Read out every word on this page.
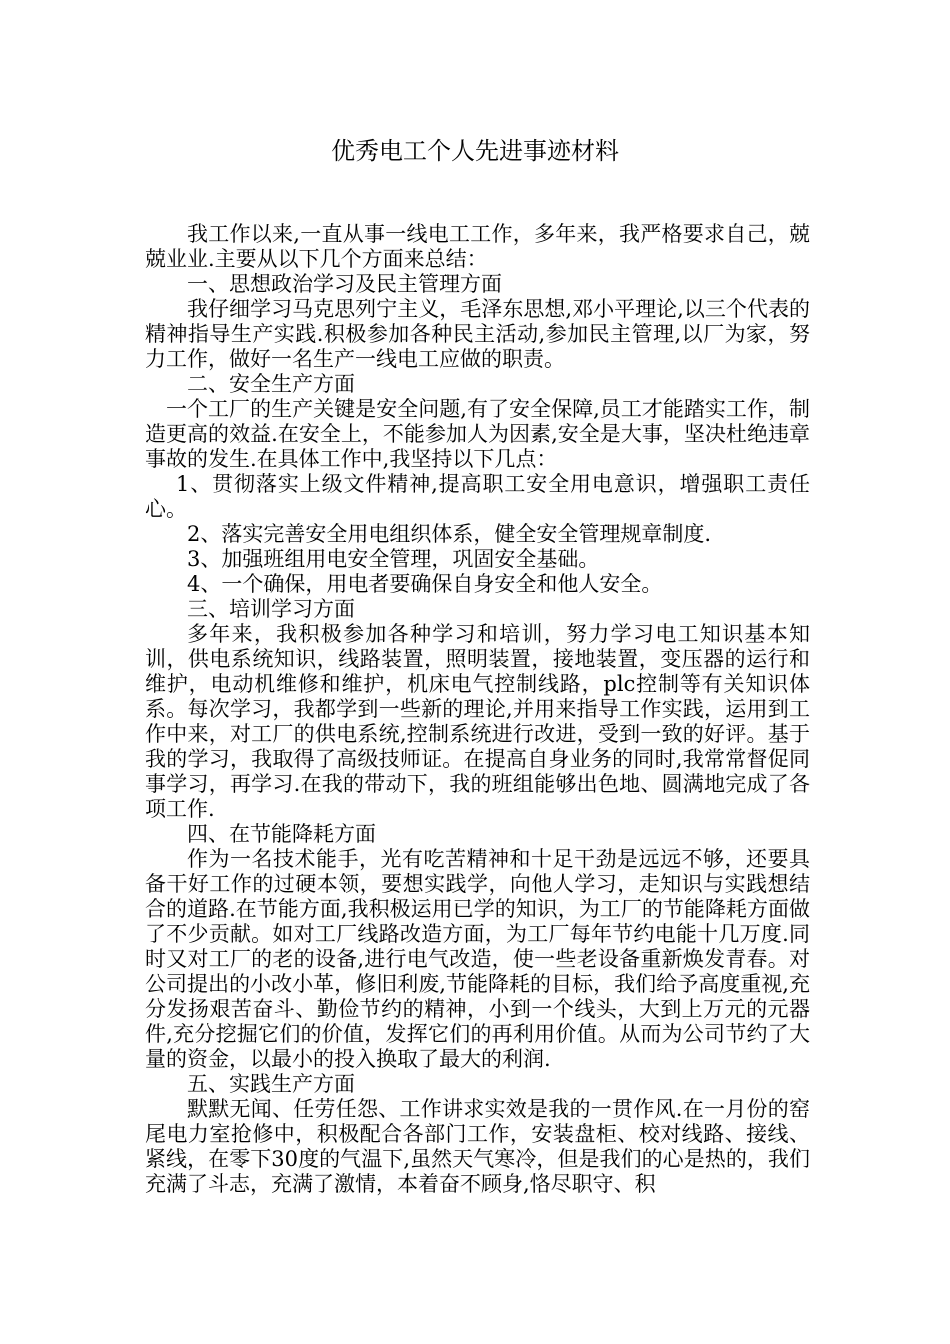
优秀电工个人先进事迹材料

我工作以来,一直从事一线电工工作，多年来，我严格要求自己，兢兢业业.主要从以下几个方面来总结：

一、思想政治学习及民主管理方面

我仔细学习马克思列宁主义，毛泽东思想,邓小平理论,以三个代表的精神指导生产实践.积极参加各种民主活动,参加民主管理,以厂为家，努力工作，做好一名生产一线电工应做的职责。

二、安全生产方面

一个工厂的生产关键是安全问题,有了安全保障,员工才能踏实工作，制造更高的效益.在安全上，不能参加人为因素,安全是大事，坚决杜绝违章事故的发生.在具体工作中,我坚持以下几点：

1、贯彻落实上级文件精神,提高职工安全用电意识，增强职工责任心。

2、落实完善安全用电组织体系，健全安全管理规章制度.

3、加强班组用电安全管理，巩固安全基础。

4、一个确保，用电者要确保自身安全和他人安全。

三、培训学习方面

多年来，我积极参加各种学习和培训，努力学习电工知识基本知训，供电系统知识，线路装置，照明装置，接地装置，变压器的运行和维护，电动机维修和维护，机床电气控制线路，plc控制等有关知识体系。每次学习，我都学到一些新的理论,并用来指导工作实践，运用到工作中来，对工厂的供电系统,控制系统进行改进，受到一致的好评。基于我的学习，我取得了高级技师证。在提高自身业务的同时,我常常督促同事学习，再学习.在我的带动下，我的班组能够出色地、圆满地完成了各项工作.

四、在节能降耗方面

作为一名技术能手，光有吃苦精神和十足干劲是远远不够，还要具备干好工作的过硬本领，要想实践学，向他人学习，走知识与实践想结合的道路.在节能方面,我积极运用已学的知识，为工厂的节能降耗方面做了不少贡献。如对工厂线路改造方面，为工厂每年节约电能十几万度.同时又对工厂的老的设备,进行电气改造，使一些老设备重新焕发青春。对公司提出的小改小革，修旧利废,节能降耗的目标，我们给予高度重视,充分发扬艰苦奋斗、勤俭节约的精神，小到一个线头，大到上万元的元器件,充分挖掘它们的价值，发挥它们的再利用价值。从而为公司节约了大量的资金，以最小的投入换取了最大的利润.

五、实践生产方面

默默无闻、任劳任怨、工作讲求实效是我的一贯作风.在一月份的窑尾电力室抢修中，积极配合各部门工作，安装盘柜、校对线路、接线、紧线，在零下30度的气温下,虽然天气寒冷，但是我们的心是热的，我们充满了斗志，充满了激情，本着奋不顾身,恪尽职守、积
